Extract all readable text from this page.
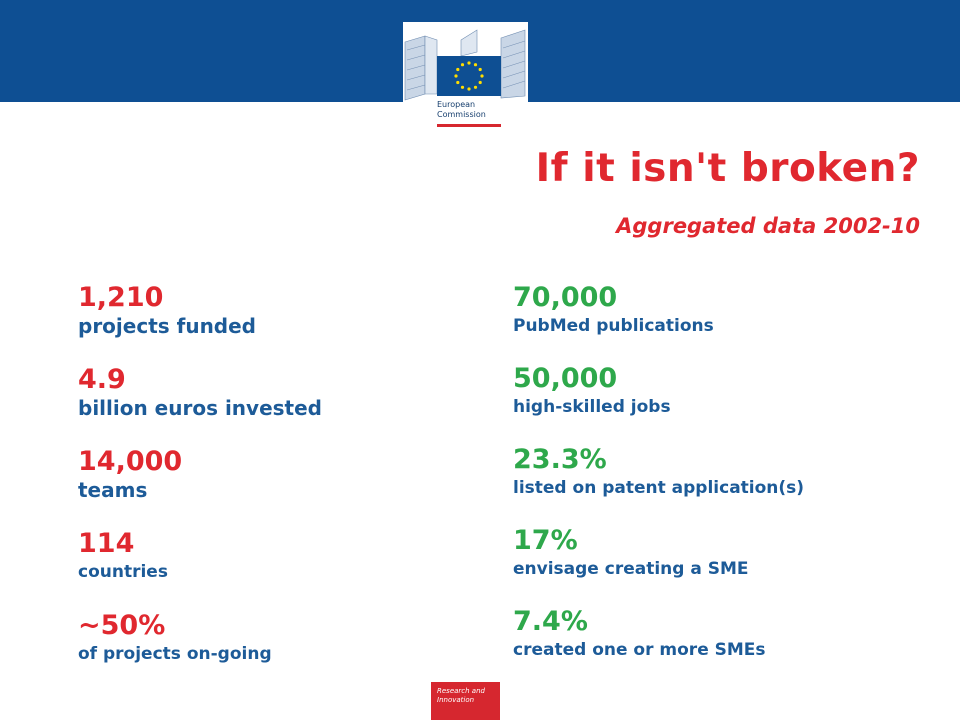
European
Commission
If it isn't broken?
Aggregated data 2002-10
1,210
projects funded
4.9
billion euros invested
14,000
teams
114
countries
~50%
of projects on-going
70,000
PubMed publications
50,000
high-skilled jobs
23.3%
listed on patent application(s)
17%
envisage creating a SME
7.4%
created one or more SMEs
Research and
Innovation
